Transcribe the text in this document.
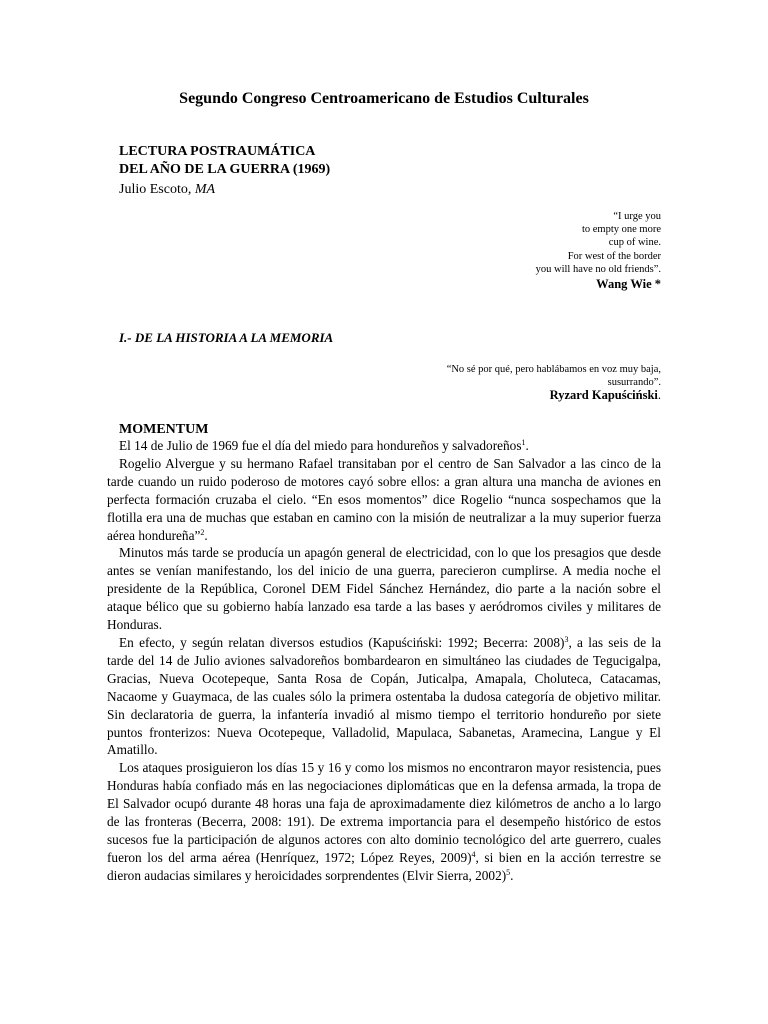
Segundo Congreso Centroamericano de Estudios Culturales
LECTURA POSTRAUMÁTICA
DEL AÑO DE LA GUERRA (1969)
Julio Escoto, MA
“I urge you
to empty one more
cup of wine.
For west of the border
you will have no old friends”.
Wang Wie *
I.- DE LA HISTORIA A LA MEMORIA
“No sé por qué, pero hablábamos en voz muy baja,
susurrando”.
Ryzard Kapuściński.
MOMENTUM

El 14 de Julio de 1969 fue el día del miedo para hondureños y salvadoreños$^1$.

Rogelio Alvergue y su hermano Rafael transitaban por el centro de San Salvador a las cinco de la tarde cuando un ruido poderoso de motores cayó sobre ellos: a gran altura una mancha de aviones en perfecta formación cruzaba el cielo. “En esos momentos” dice Rogelio “nunca sospechamos que la flotilla era una de muchas que estaban en camino con la misión de neutralizar a la muy superior fuerza aérea hondureña”$^2$.

Minutos más tarde se producía un apagón general de electricidad, con lo que los presagios que desde antes se venían manifestando, los del inicio de una guerra, parecieron cumplirse. A media noche el presidente de la República, Coronel DEM Fidel Sánchez Hernández, dio parte a la nación sobre el ataque bélico que su gobierno había lanzado esa tarde a las bases y aeródromos civiles y militares de Honduras.

En efecto, y según relatan diversos estudios (Kapuściński: 1992; Becerra: 2008)$^3$, a las seis de la tarde del 14 de Julio aviones salvadoreños bombardearon en simultáneo las ciudades de Tegucigalpa, Gracias, Nueva Ocotepeque, Santa Rosa de Copán, Juticalpa, Amapala, Choluteca, Catacamas, Nacaome y Guaymaca, de las cuales sólo la primera ostentaba la dudosa categoría de objetivo militar. Sin declaratoria de guerra, la infantería invadió al mismo tiempo el territorio hondureño por siete puntos fronterizos: Nueva Ocotepeque, Valladolid, Mapulaca, Sabanetas, Aramecina, Langue y El Amatillo.

Los ataques prosiguieron los días 15 y 16 y como los mismos no encontraron mayor resistencia, pues Honduras había confiado más en las negociaciones diplomáticas que en la defensa armada, la tropa de El Salvador ocupó durante 48 horas una faja de aproximadamente diez kilómetros de ancho a lo largo de las fronteras (Becerra, 2008: 191). De extrema importancia para el desempeño histórico de estos sucesos fue la participación de algunos actores con alto dominio tecnológico del arte guerrero, cuales fueron los del arma aérea (Henríquez, 1972; López Reyes, 2009)$^4$, si bien en la acción terrestre se dieron audacias similares y heroicidades sorprendentes (Elvir Sierra, 2002)$^5$.
